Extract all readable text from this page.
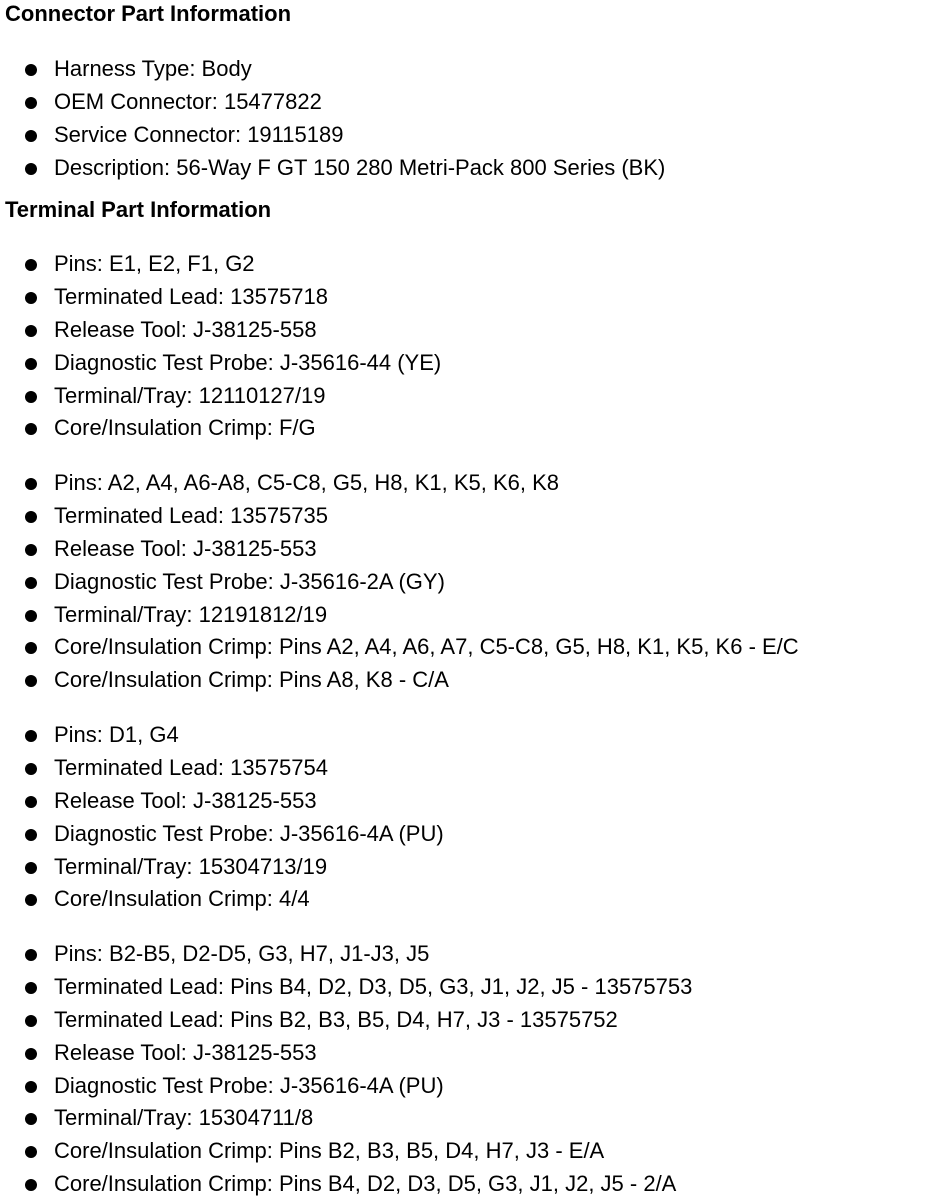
Connector Part Information
Harness Type: Body
OEM Connector: 15477822
Service Connector: 19115189
Description: 56-Way F GT 150 280 Metri-Pack 800 Series (BK)
Terminal Part Information
Pins: E1, E2, F1, G2
Terminated Lead: 13575718
Release Tool: J-38125-558
Diagnostic Test Probe: J-35616-44 (YE)
Terminal/Tray: 12110127/19
Core/Insulation Crimp: F/G
Pins: A2, A4, A6-A8, C5-C8, G5, H8, K1, K5, K6, K8
Terminated Lead: 13575735
Release Tool: J-38125-553
Diagnostic Test Probe: J-35616-2A (GY)
Terminal/Tray: 12191812/19
Core/Insulation Crimp: Pins A2, A4, A6, A7, C5-C8, G5, H8, K1, K5, K6 - E/C
Core/Insulation Crimp: Pins A8, K8 - C/A
Pins: D1, G4
Terminated Lead: 13575754
Release Tool: J-38125-553
Diagnostic Test Probe: J-35616-4A (PU)
Terminal/Tray: 15304713/19
Core/Insulation Crimp: 4/4
Pins: B2-B5, D2-D5, G3, H7, J1-J3, J5
Terminated Lead: Pins B4, D2, D3, D5, G3, J1, J2, J5 - 13575753
Terminated Lead: Pins B2, B3, B5, D4, H7, J3 - 13575752
Release Tool: J-38125-553
Diagnostic Test Probe: J-35616-4A (PU)
Terminal/Tray: 15304711/8
Core/Insulation Crimp: Pins B2, B3, B5, D4, H7, J3 - E/A
Core/Insulation Crimp: Pins B4, D2, D3, D5, G3, J1, J2, J5 - 2/A
